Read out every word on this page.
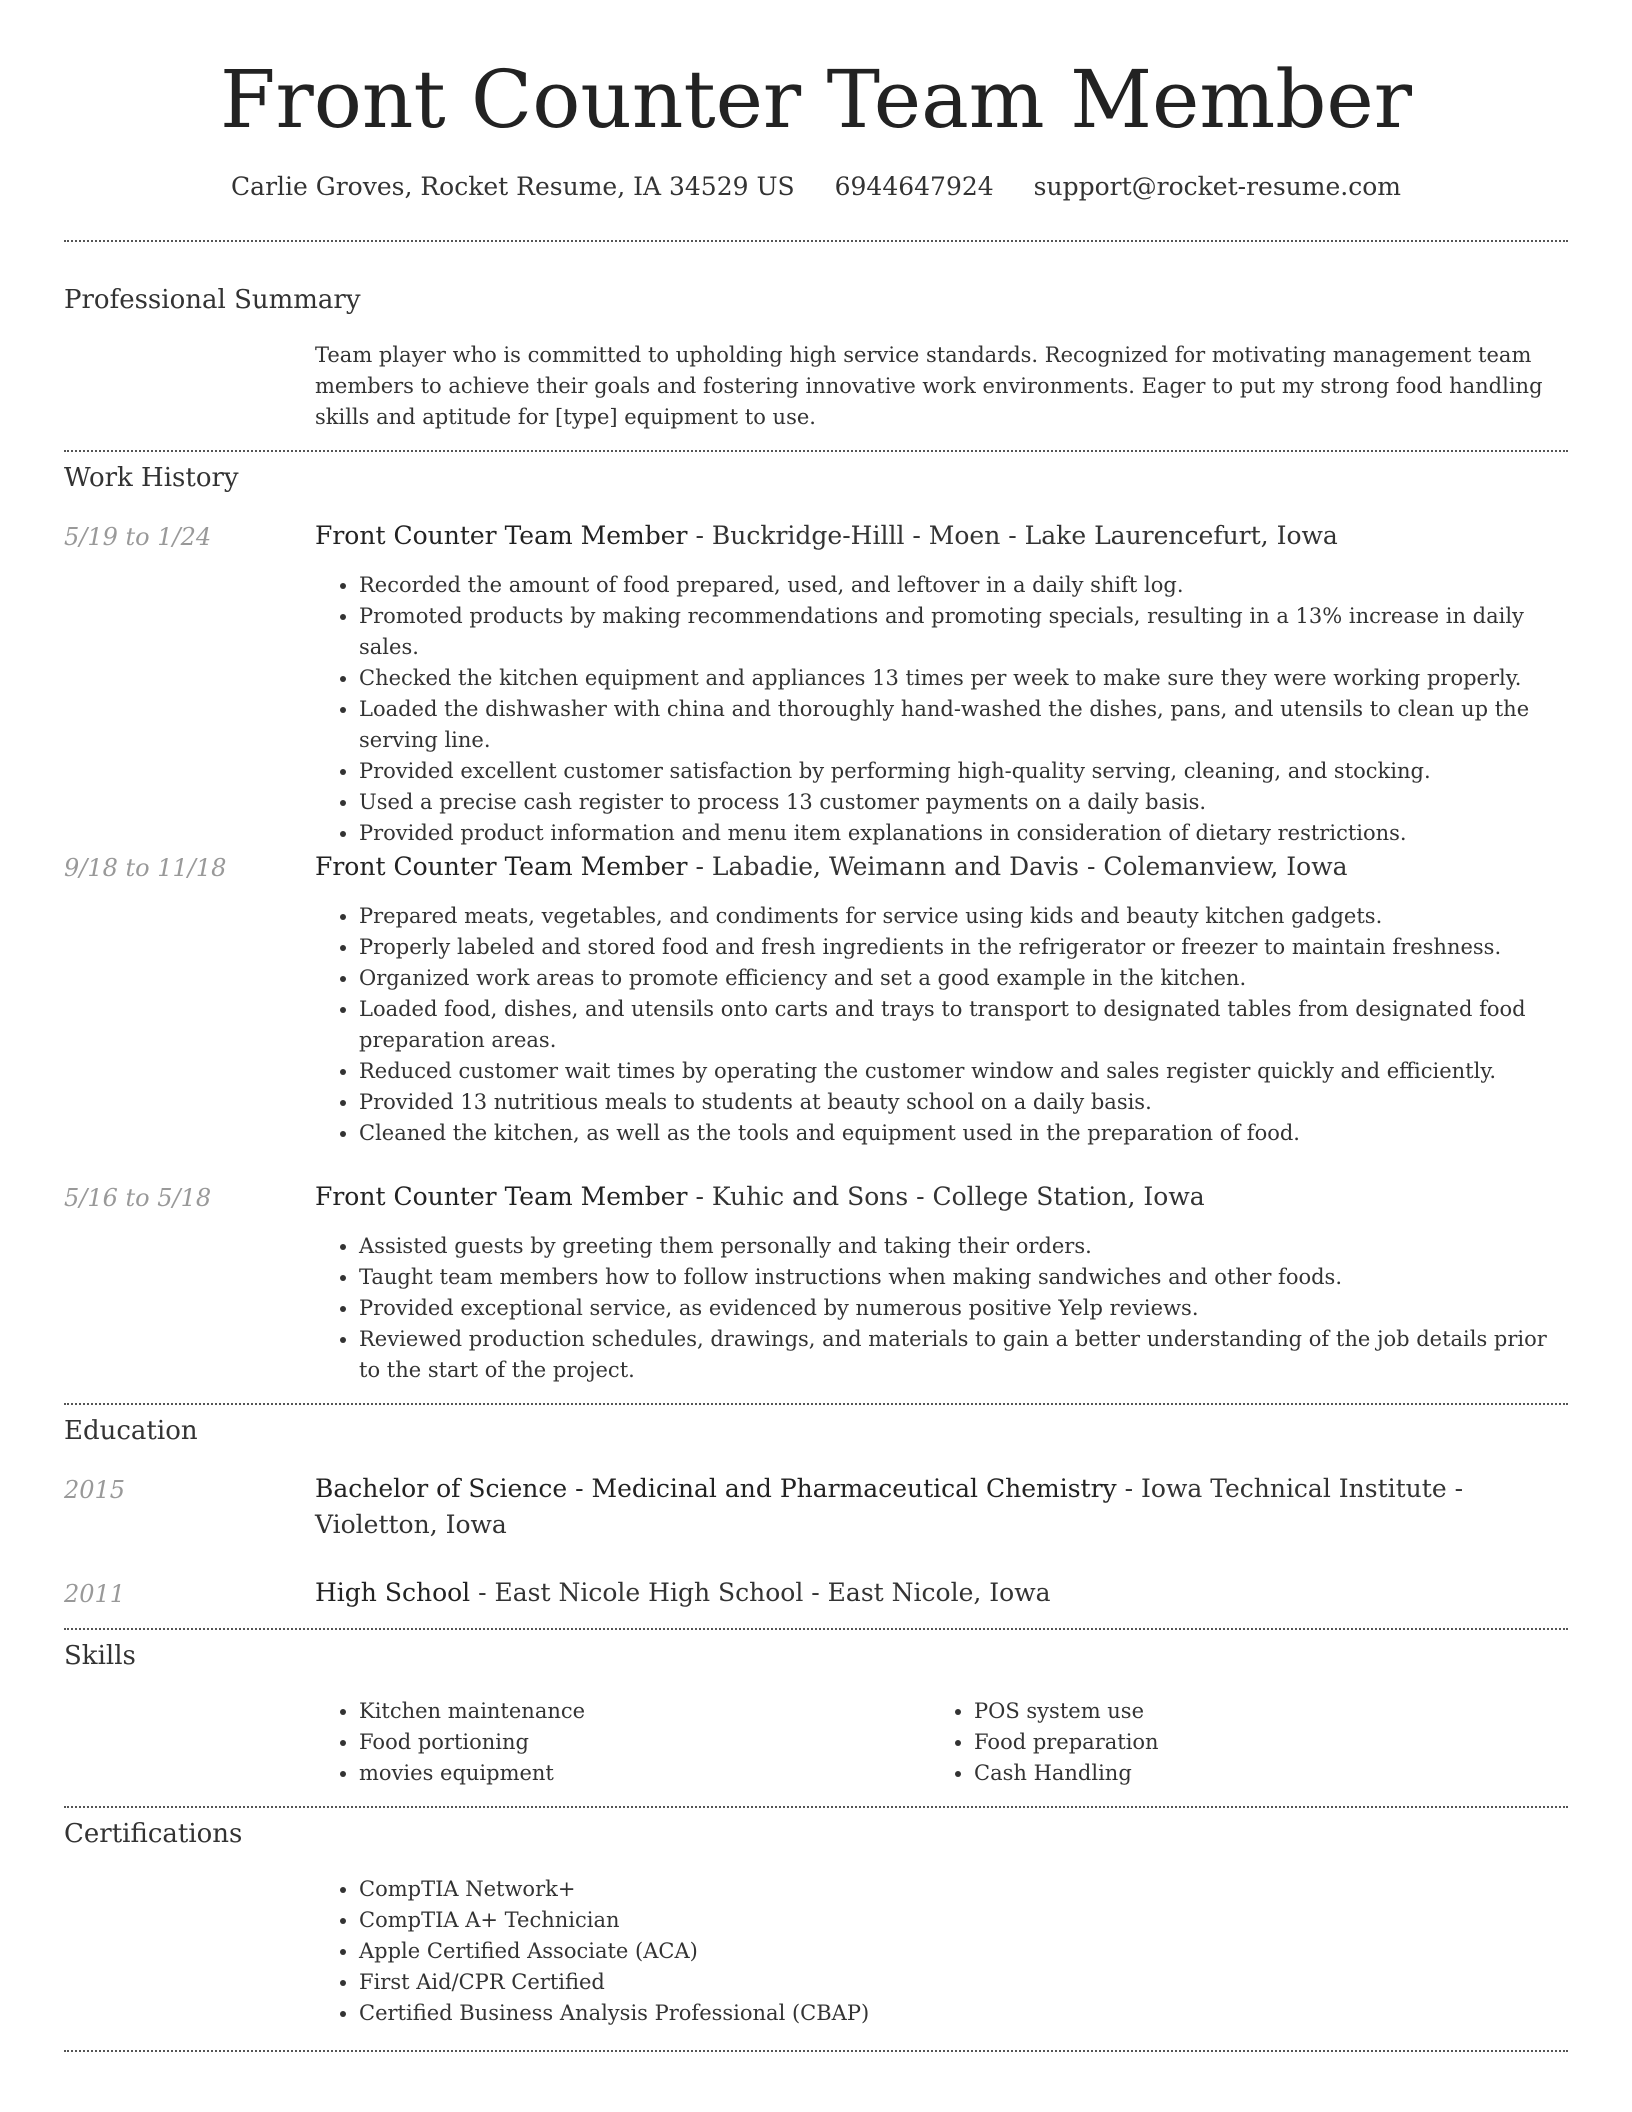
Front Counter Team Member
Carlie Groves, Rocket Resume, IA 34529 US 6944647924 support@rocket-resume.com
Professional Summary

Team player who is committed to upholding high service standards. Recognized for motivating management team members to achieve their goals and fostering innovative work environments. Eager to put my strong food handling skills and aptitude for [type] equipment to use.

Work History
5/19 to 1/24	Front Counter Team Member - Buckridge-Hilll - Moen - Lake Laurencefurt, Iowa
• Recorded the amount of food prepared, used, and leftover in a daily shift log.
• Promoted products by making recommendations and promoting specials, resulting in a 13% increase in daily sales.
• Checked the kitchen equipment and appliances 13 times per week to make sure they were working properly.
• Loaded the dishwasher with china and thoroughly hand-washed the dishes, pans, and utensils to clean up the serving line.
• Provided excellent customer satisfaction by performing high-quality serving, cleaning, and stocking.
• Used a precise cash register to process 13 customer payments on a daily basis.
• Provided product information and menu item explanations in consideration of dietary restrictions.
9/18 to 11/18	Front Counter Team Member - Labadie, Weimann and Davis - Colemanview, Iowa
• Prepared meats, vegetables, and condiments for service using kids and beauty kitchen gadgets.
• Properly labeled and stored food and fresh ingredients in the refrigerator or freezer to maintain freshness.
• Organized work areas to promote efficiency and set a good example in the kitchen.
• Loaded food, dishes, and utensils onto carts and trays to transport to designated tables from designated food preparation areas.
• Reduced customer wait times by operating the customer window and sales register quickly and efficiently.
• Provided 13 nutritious meals to students at beauty school on a daily basis.
• Cleaned the kitchen, as well as the tools and equipment used in the preparation of food.
5/16 to 5/18	Front Counter Team Member - Kuhic and Sons - College Station, Iowa
• Assisted guests by greeting them personally and taking their orders.
• Taught team members how to follow instructions when making sandwiches and other foods.
• Provided exceptional service, as evidenced by numerous positive Yelp reviews.
• Reviewed production schedules, drawings, and materials to gain a better understanding of the job details prior to the start of the project.
Education
2015	Bachelor of Science - Medicinal and Pharmaceutical Chemistry - Iowa Technical Institute - Violetton, Iowa
2011	High School - East Nicole High School - East Nicole, Iowa
Skills
• Kitchen maintenance
• Food portioning
• movies equipment
• POS system use
• Food preparation
• Cash Handling
Certifications
• CompTIA Network+
• CompTIA A+ Technician
• Apple Certified Associate (ACA)
• First Aid/CPR Certified
• Certified Business Analysis Professional (CBAP)
